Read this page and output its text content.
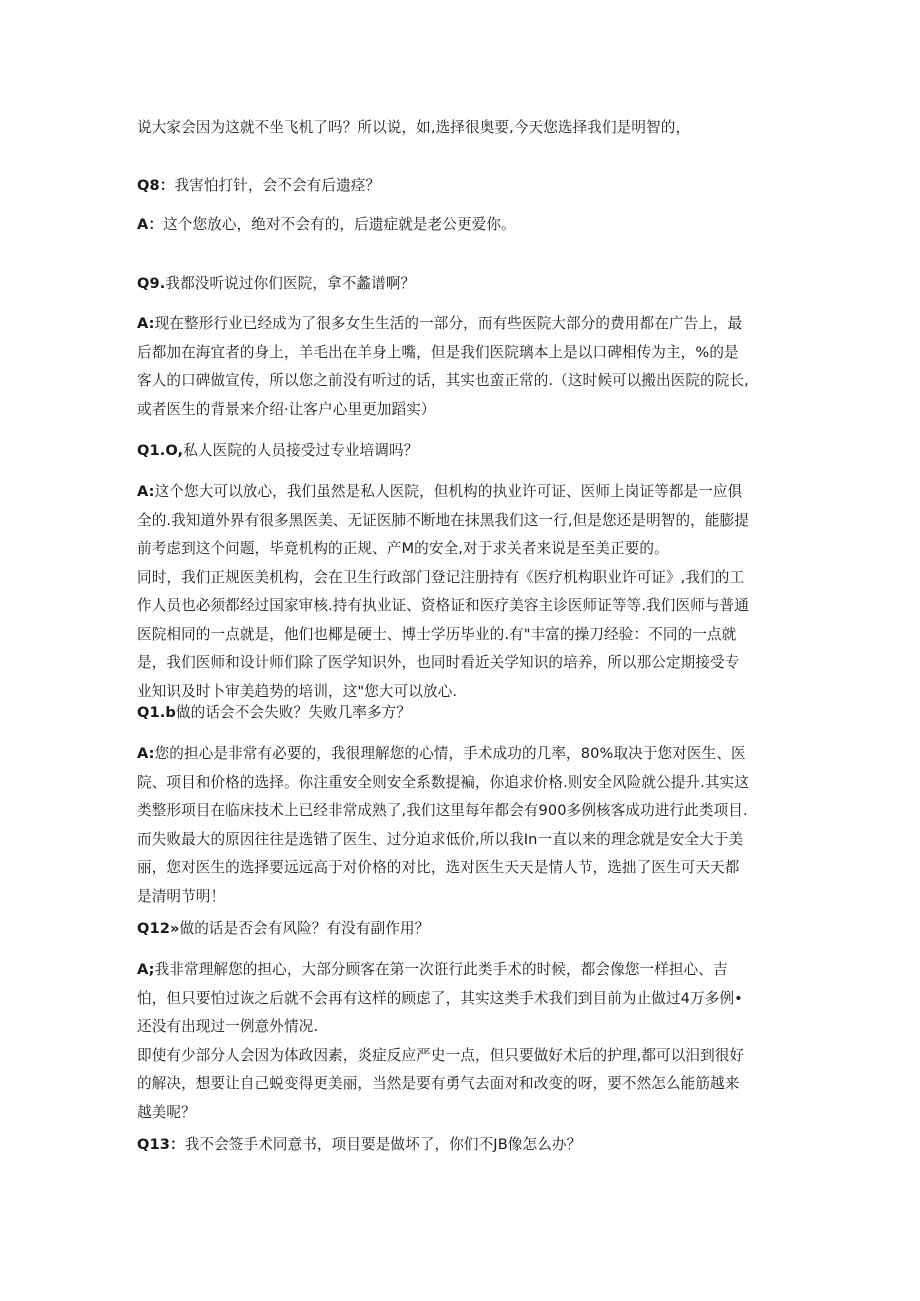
说大家会因为这就不坐飞机了吗？所以说，如,选择很奥要,今天您选择我们是明智的，

Q8：我害怕打针，会不会有后遗痉？

A：这个您放心，绝对不会有的，后遗症就是老公更爱你。

Q9.我都没听说过你们医院，拿不蠡谱啊？

A:现在整形行业已经成为了很多女生生活的一部分，而有些医院大部分的费用都在广告上，最

后都加在海宜者的身上，羊毛出在羊身上嘴，但是我们医院璃本上是以口碑相传为主，%的是

客人的口碑做宣传，所以您之前没有听过的话，其实也蛮正常的.（这时候可以搬出医院的院长,

或者医生的背景来介绍·让客户心里更加蹈实）

Q1.O,私人医院的人员接受过专业培调吗？

A:这个您大可以放心，我们虽然是私人医院，但机构的执业许可证、医师上岗证等都是一应俱

全的.我知道外界有很多黑医美、无证医肺不断地在抹黑我们这一行,但是您还是明智的，能膨提

前考虑到这个问题，毕竟机构的正规、产M的安全,对于求关者来说是至美正要的。

同时，我们正规医美机构，会在卫生行政部门登记注册持有《医疗机构职业许可证》,我们的工

作人员也必须都经过国家审核.持有执业证、资格证和医疗美容主诊医师证等等.我们医师与普通

医院相同的一点就是，他们也椰是硬士、博士学历毕业的.有"丰富的操刀经验：不同的一点就

是，我们医师和设计师们除了医学知识外，也同时看近关学知识的培养，所以那公定期接受专

业知识及时卜审美趋势的培训，这"您大可以放心.

Q1.b做的话会不会失败？失败几率多方？

A:您的担心是非常有必要的，我很理解您的心情，手术成功的几率，80%取决于您对医生、医

院、项目和价格的选择。你注重安全则安全系数提褊，你追求价格.则安全风险就公提升.其实这

类整形项目在临床技术上已经非常成熟了,我们这里每年都会有900多例核客成功进行此类项目.

而失败最大的原因往往是选错了医生、过分迫求低价,所以我In一直以来的理念就是安全大于美

丽，您对医生的选择要远远高于对价格的对比，选对医生天天是情人节，选拙了医生可天天都

是清明节明！

Q12»做的话是否会有风险？有没有副作用？

A;我非常理解您的担心，大部分顾客在第一次诳行此类手术的时候，都会像您一样担心、吉

怕，但只要怕过诙之后就不会再有这样的顾虑了，其实这类手术我们到目前为止做过4万多例•

还没有出现过一例意外情况.

即使有少部分人会因为体政因素，炎症反应严史一点，但只要做好术后的护理,都可以汨到很好

的解决，想要让自己蜕变得更美丽，当然是要有勇气去面对和改变的呀，要不然怎么能筋越来

越美呢？

Q13：我不会签手术同意书，项目要是做坏了，你们不JB像怎么办？
